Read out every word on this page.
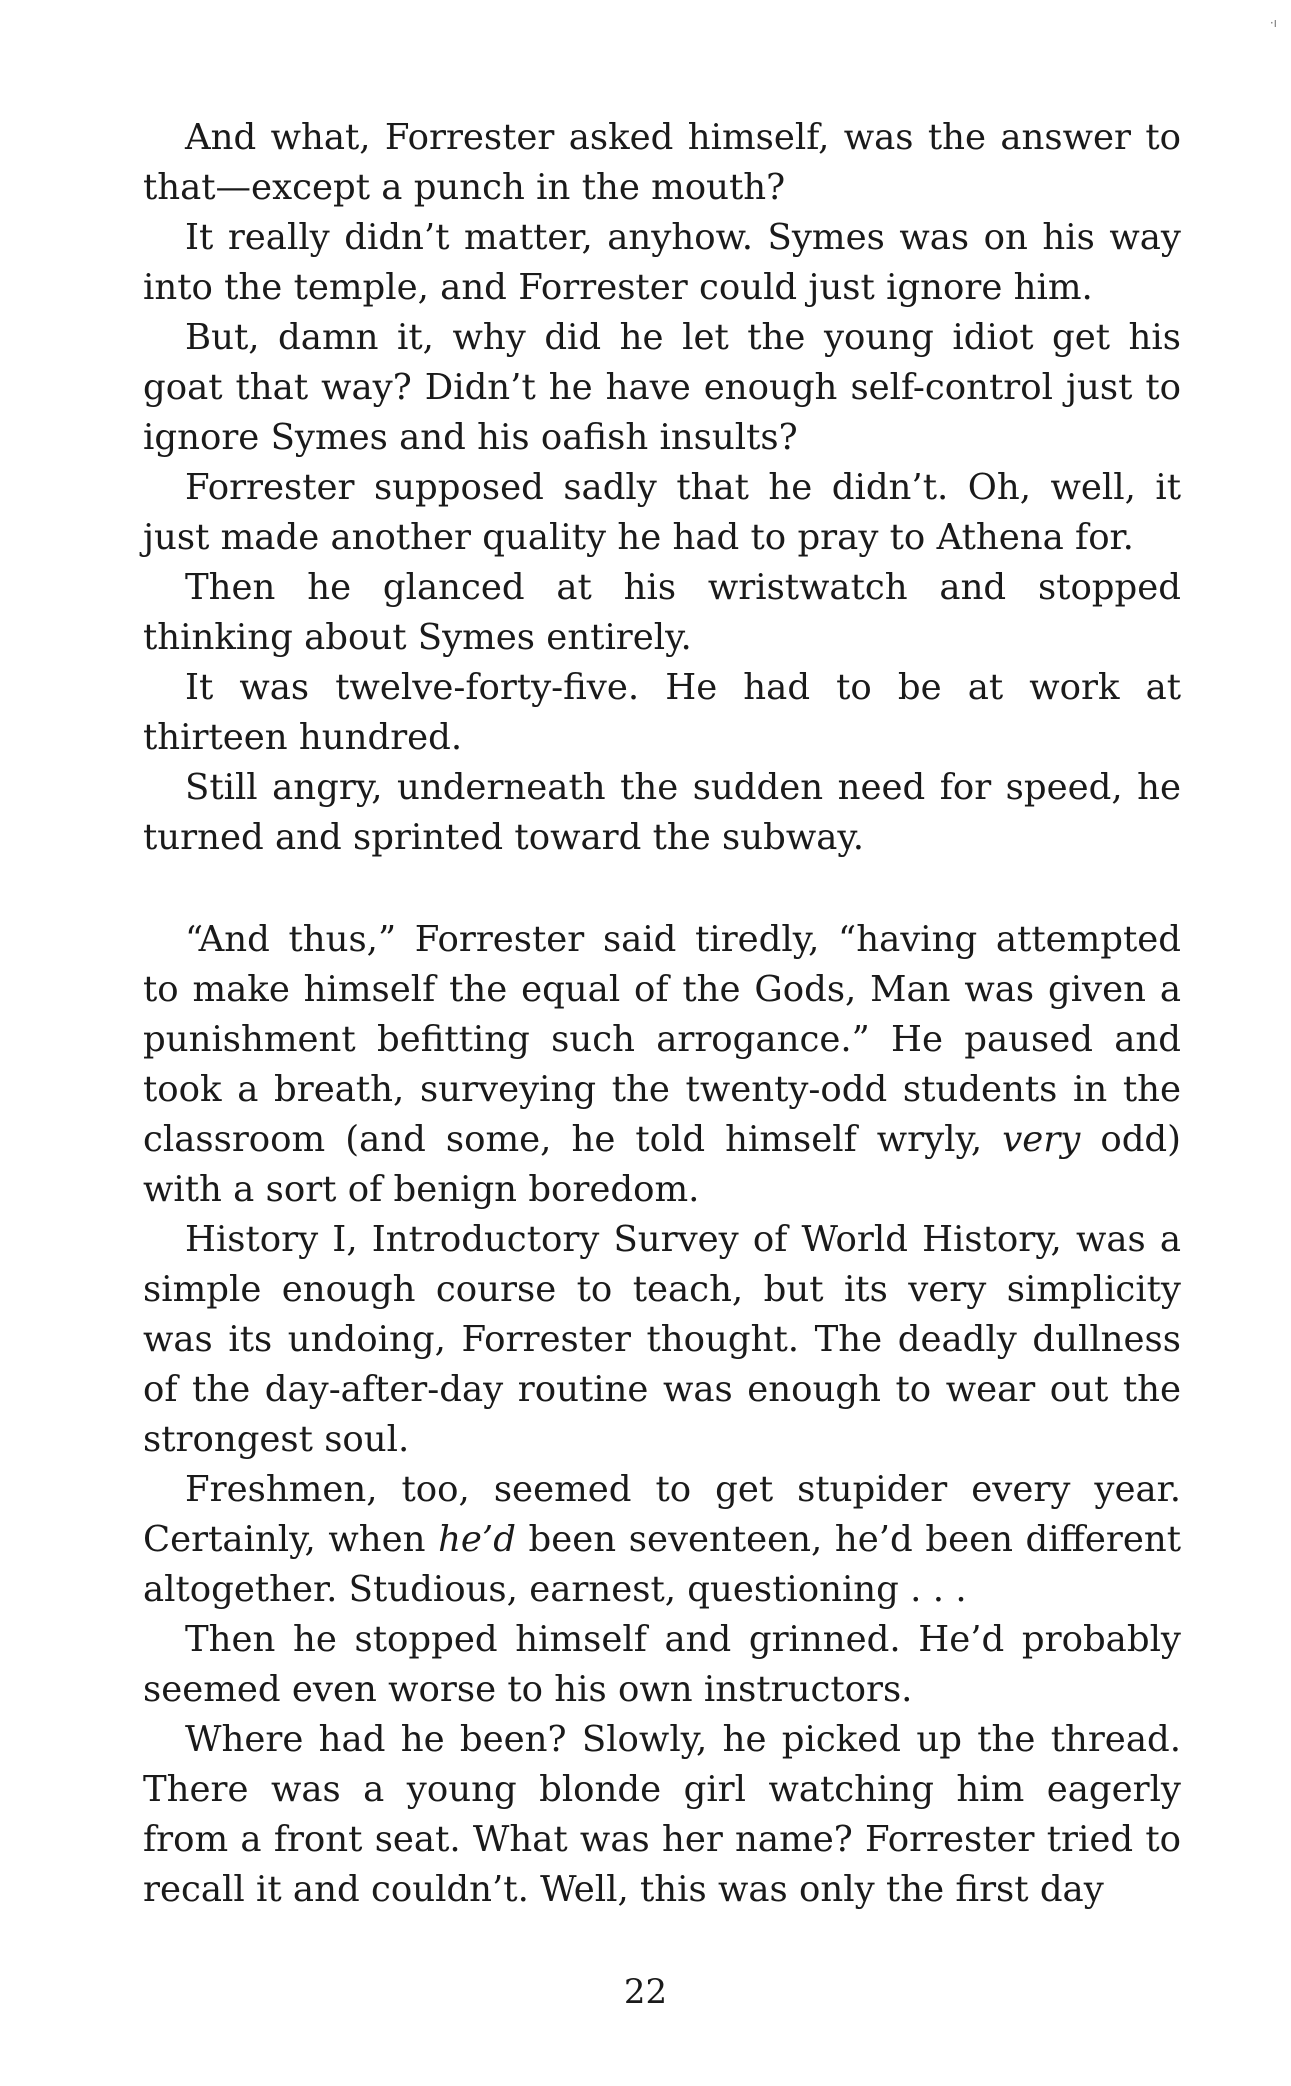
·ı

And what, Forrester asked himself, was the answer to that—except a punch in the mouth?

It really didn’t matter, anyhow. Symes was on his way into the temple, and Forrester could just ignore him.

But, damn it, why did he let the young idiot get his goat that way? Didn’t he have enough self-control just to ignore Symes and his oafish insults?

Forrester supposed sadly that he didn’t. Oh, well, it just made another quality he had to pray to Athena for.

Then he glanced at his wristwatch and stopped thinking about Symes entirely.

It was twelve-forty-five. He had to be at work at thirteen hundred.

Still angry, underneath the sudden need for speed, he turned and sprinted toward the subway.

“And thus,” Forrester said tiredly, “having attempted to make himself the equal of the Gods, Man was given a punishment befitting such arrogance.” He paused and took a breath, surveying the twenty-odd students in the classroom (and some, he told himself wryly, very odd) with a sort of benign boredom.

History I, Introductory Survey of World History, was a simple enough course to teach, but its very simplicity was its undoing, Forrester thought. The deadly dullness of the day-after-day routine was enough to wear out the strongest soul.

Freshmen, too, seemed to get stupider every year. Certainly, when he’d been seventeen, he’d been different altogether. Studious, earnest, questioning . . .

Then he stopped himself and grinned. He’d probably seemed even worse to his own instructors.

Where had he been? Slowly, he picked up the thread. There was a young blonde girl watching him eagerly from a front seat. What was her name? Forrester tried to recall it and couldn’t. Well, this was only the first day

22
